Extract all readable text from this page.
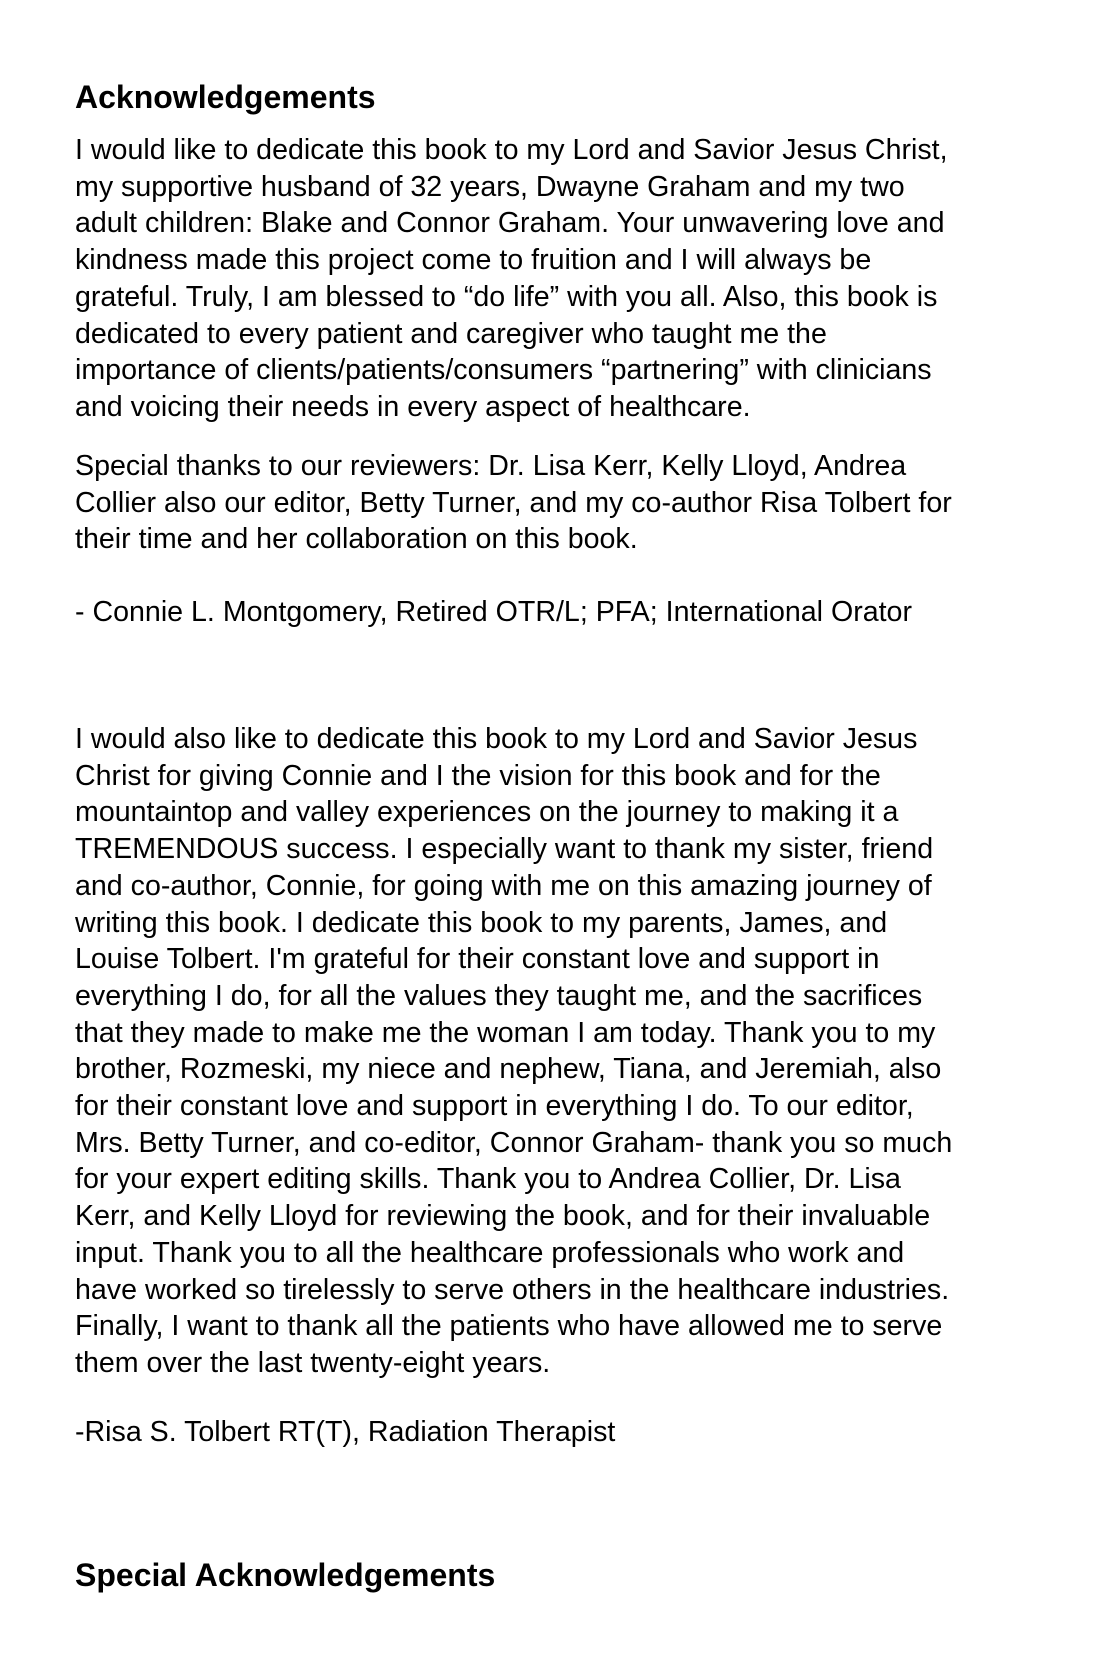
Acknowledgements

I would like to dedicate this book to my Lord and Savior Jesus Christ,
my supportive husband of 32 years, Dwayne Graham and my two
adult children: Blake and Connor Graham. Your unwavering love and
kindness made this project come to fruition and I will always be
grateful. Truly, I am blessed to “do life” with you all. Also, this book is
dedicated to every patient and caregiver who taught me the
importance of clients/patients/consumers “partnering” with clinicians
and voicing their needs in every aspect of healthcare.

Special thanks to our reviewers: Dr. Lisa Kerr, Kelly Lloyd, Andrea
Collier also our editor, Betty Turner, and my co-author Risa Tolbert for
their time and her collaboration on this book.

- Connie L. Montgomery, Retired OTR/L; PFA; International Orator

I would also like to dedicate this book to my Lord and Savior Jesus
Christ for giving Connie and I the vision for this book and for the
mountaintop and valley experiences on the journey to making it a
TREMENDOUS success. I especially want to thank my sister, friend
and co-author, Connie, for going with me on this amazing journey of
writing this book. I dedicate this book to my parents, James, and
Louise Tolbert. I'm grateful for their constant love and support in
everything I do, for all the values they taught me, and the sacrifices
that they made to make me the woman I am today. Thank you to my
brother, Rozmeski, my niece and nephew, Tiana, and Jeremiah, also
for their constant love and support in everything I do. To our editor,
Mrs. Betty Turner, and co-editor, Connor Graham- thank you so much
for your expert editing skills. Thank you to Andrea Collier, Dr. Lisa
Kerr, and Kelly Lloyd for reviewing the book, and for their invaluable
input. Thank you to all the healthcare professionals who work and
have worked so tirelessly to serve others in the healthcare industries.
Finally, I want to thank all the patients who have allowed me to serve
them over the last twenty-eight years.

-Risa S. Tolbert RT(T), Radiation Therapist

Special Acknowledgements
